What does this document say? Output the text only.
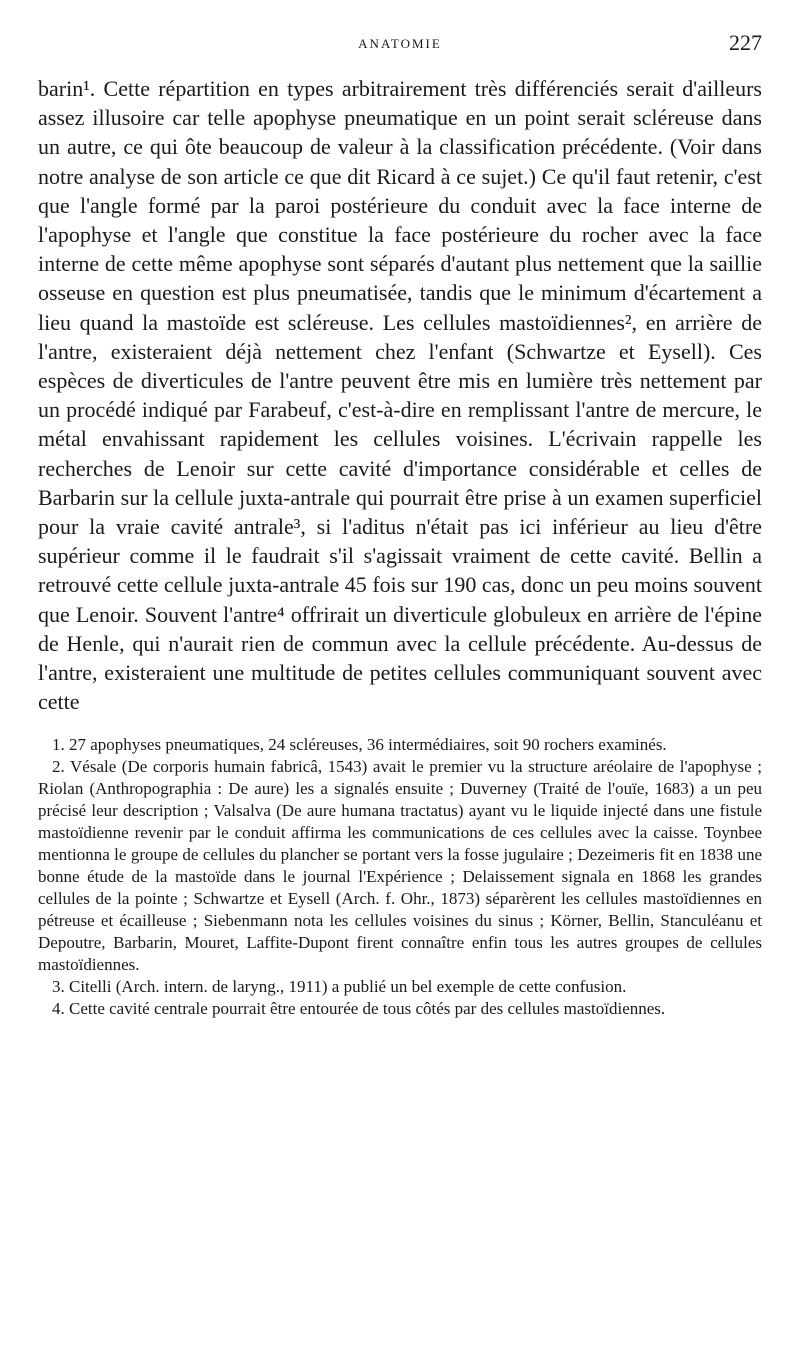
ANATOMIE	227

barin¹. Cette répartition en types arbitrairement très différenciés serait d'ailleurs assez illusoire car telle apophyse pneumatique en un point serait scléreuse dans un autre, ce qui ôte beaucoup de valeur à la classification précédente. (Voir dans notre analyse de son article ce que dit Ricard à ce sujet.) Ce qu'il faut retenir, c'est que l'angle formé par la paroi postérieure du conduit avec la face interne de l'apophyse et l'angle que constitue la face postérieure du rocher avec la face interne de cette même apophyse sont séparés d'autant plus nettement que la saillie osseuse en question est plus pneumatisée, tandis que le minimum d'écartement a lieu quand la mastoïde est scléreuse. Les cellules mastoïdiennes², en arrière de l'antre, existeraient déjà nettement chez l'enfant (Schwartze et Eysell). Ces espèces de diverticules de l'antre peuvent être mis en lumière très nettement par un procédé indiqué par Farabeuf, c'est-à-dire en remplissant l'antre de mercure, le métal envahissant rapidement les cellules voisines. L'écrivain rappelle les recherches de Lenoir sur cette cavité d'importance considérable et celles de Barbarin sur la cellule juxta-antrale qui pourrait être prise à un examen superficiel pour la vraie cavité antrale³, si l'aditus n'était pas ici inférieur au lieu d'être supérieur comme il le faudrait s'il s'agissait vraiment de cette cavité. Bellin a retrouvé cette cellule juxta-antrale 45 fois sur 190 cas, donc un peu moins souvent que Lenoir. Souvent l'antre⁴ offrirait un diverticule globuleux en arrière de l'épine de Henle, qui n'aurait rien de commun avec la cellule précédente. Au-dessus de l'antre, existeraient une multitude de petites cellules communiquant souvent avec cette

1. 27 apophyses pneumatiques, 24 scléreuses, 36 intermédiaires, soit 90 rochers examinés.

2. Vésale (De corporis humain fabricâ, 1543) avait le premier vu la structure aréolaire de l'apophyse ; Riolan (Anthropographia : De aure) les a signalés ensuite ; Duverney (Traité de l'ouïe, 1683) a un peu précisé leur description ; Valsalva (De aure humana tractatus) ayant vu le liquide injecté dans une fistule mastoïdienne revenir par le conduit affirma les communications de ces cellules avec la caisse. Toynbee mentionna le groupe de cellules du plancher se portant vers la fosse jugulaire ; Dezeimeris fit en 1838 une bonne étude de la mastoïde dans le journal l'Expérience ; Delaissement signala en 1868 les grandes cellules de la pointe ; Schwartze et Eysell (Arch. f. Ohr., 1873) séparèrent les cellules mastoïdiennes en pétreuse et écailleuse ; Siebenmann nota les cellules voisines du sinus ; Körner, Bellin, Stanculéanu et Depoutre, Barbarin, Mouret, Laffite-Dupont firent connaître enfin tous les autres groupes de cellules mastoïdiennes.

3. Citelli (Arch. intern. de laryng., 1911) a publié un bel exemple de cette confusion.

4. Cette cavité centrale pourrait être entourée de tous côtés par des cellules mastoïdiennes.
